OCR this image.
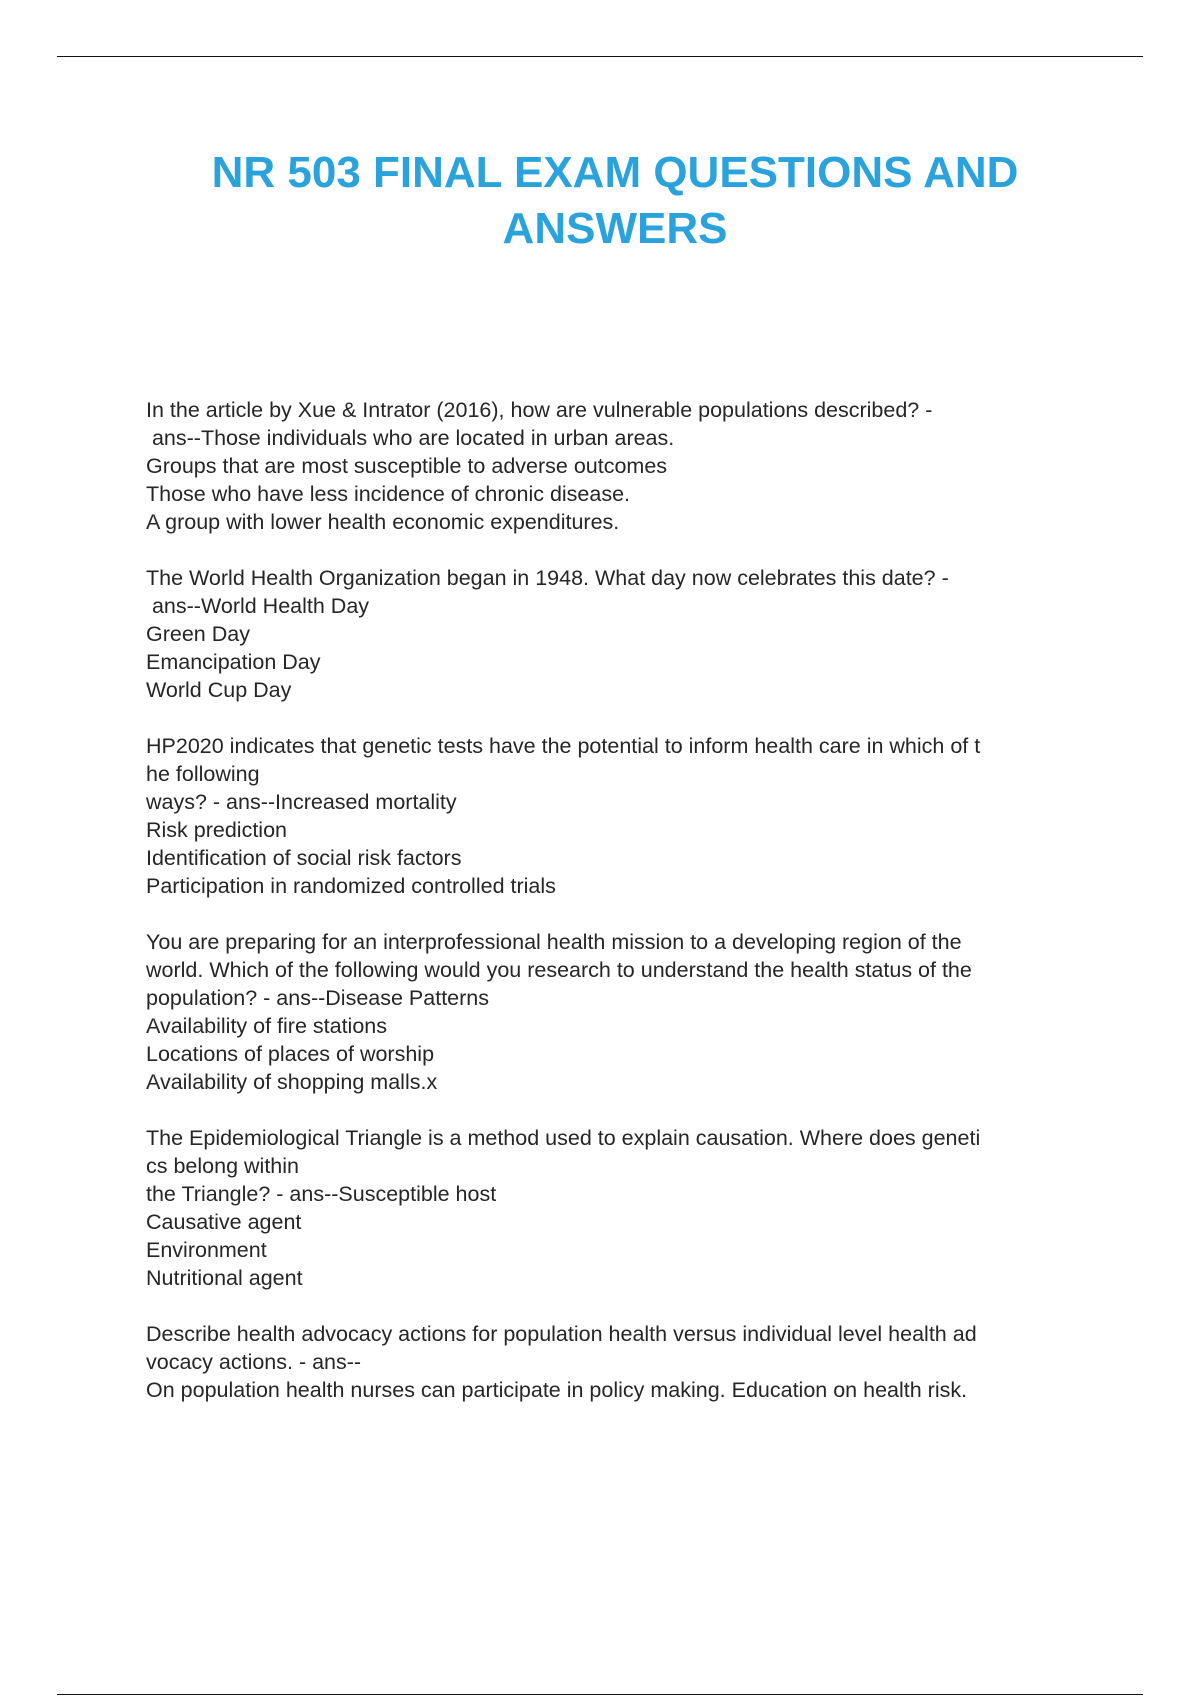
NR 503 FINAL EXAM QUESTIONS AND
ANSWERS
In the article by Xue & Intrator (2016), how are vulnerable populations described? -
ans--Those individuals who are located in urban areas.
Groups that are most susceptible to adverse outcomes
Those who have less incidence of chronic disease.
A group with lower health economic expenditures.
The World Health Organization began in 1948. What day now celebrates this date? -
ans--World Health Day
Green Day
Emancipation Day
World Cup Day
HP2020 indicates that genetic tests have the potential to inform health care in which of t
he following
ways? - ans--Increased mortality
Risk prediction
Identification of social risk factors
Participation in randomized controlled trials
You are preparing for an interprofessional health mission to a developing region of the
world. Which of the following would you research to understand the health status of the
population? - ans--Disease Patterns
Availability of fire stations
Locations of places of worship
Availability of shopping malls.x
The Epidemiological Triangle is a method used to explain causation. Where does geneti
cs belong within
the Triangle? - ans--Susceptible host
Causative agent
Environment
Nutritional agent
Describe health advocacy actions for population health versus individual level health ad
vocacy actions. - ans--
On population health nurses can participate in policy making. Education on health risk.
